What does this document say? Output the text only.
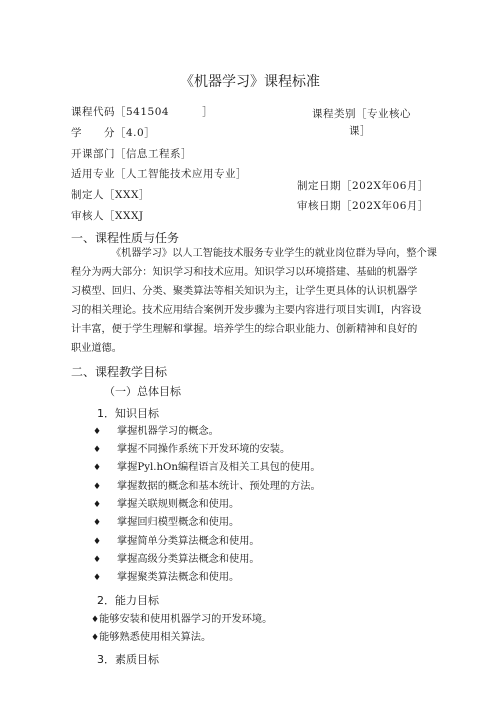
《机器学习》课程标准
课程代码［541504　　　］
学　　分［4.0］
开课部门［信息工程系］
适用专业［人工智能技术应用专业］
制定人［XXX］
审核人［XXXJ
课程类别［专业核心
课］
制定日期［202X年06月］
审核日期［202X年06月］
一、课程性质与任务
《机器学习》以人工智能技术服务专业学生的就业岗位群为导向，整个课
程分为两大部分：知识学习和技术应用。知识学习以环境搭建、基础的机器学
习模型、回归、分类、聚类算法等相关知识为主，让学生更具体的认识机器学
习的相关理论。技术应用结合案例开发步骤为主要内容进行项目实训I，内容设
计丰富，便于学生理解和掌握。培养学生的综合职业能力、创新精神和良好的
职业道德。
二、课程教学目标
（一）总体目标
1．知识目标
♦ 掌握机器学习的概念。
♦ 掌握不同操作系统下开发环境的安装。
♦ 掌握Pyl.hOn编程语言及相关工具包的使用。
♦ 掌握数据的概念和基本统计、预处理的方法。
♦ 掌握关联规则概念和使用。
♦ 掌握回归模型概念和使用。
♦ 掌握简单分类算法概念和使用。
♦ 掌握高级分类算法概念和使用。
♦ 掌握聚类算法概念和使用。
2．能力目标
♦能够安装和使用机器学习的开发环境。
♦能够熟悉使用相关算法。
3．素质目标
